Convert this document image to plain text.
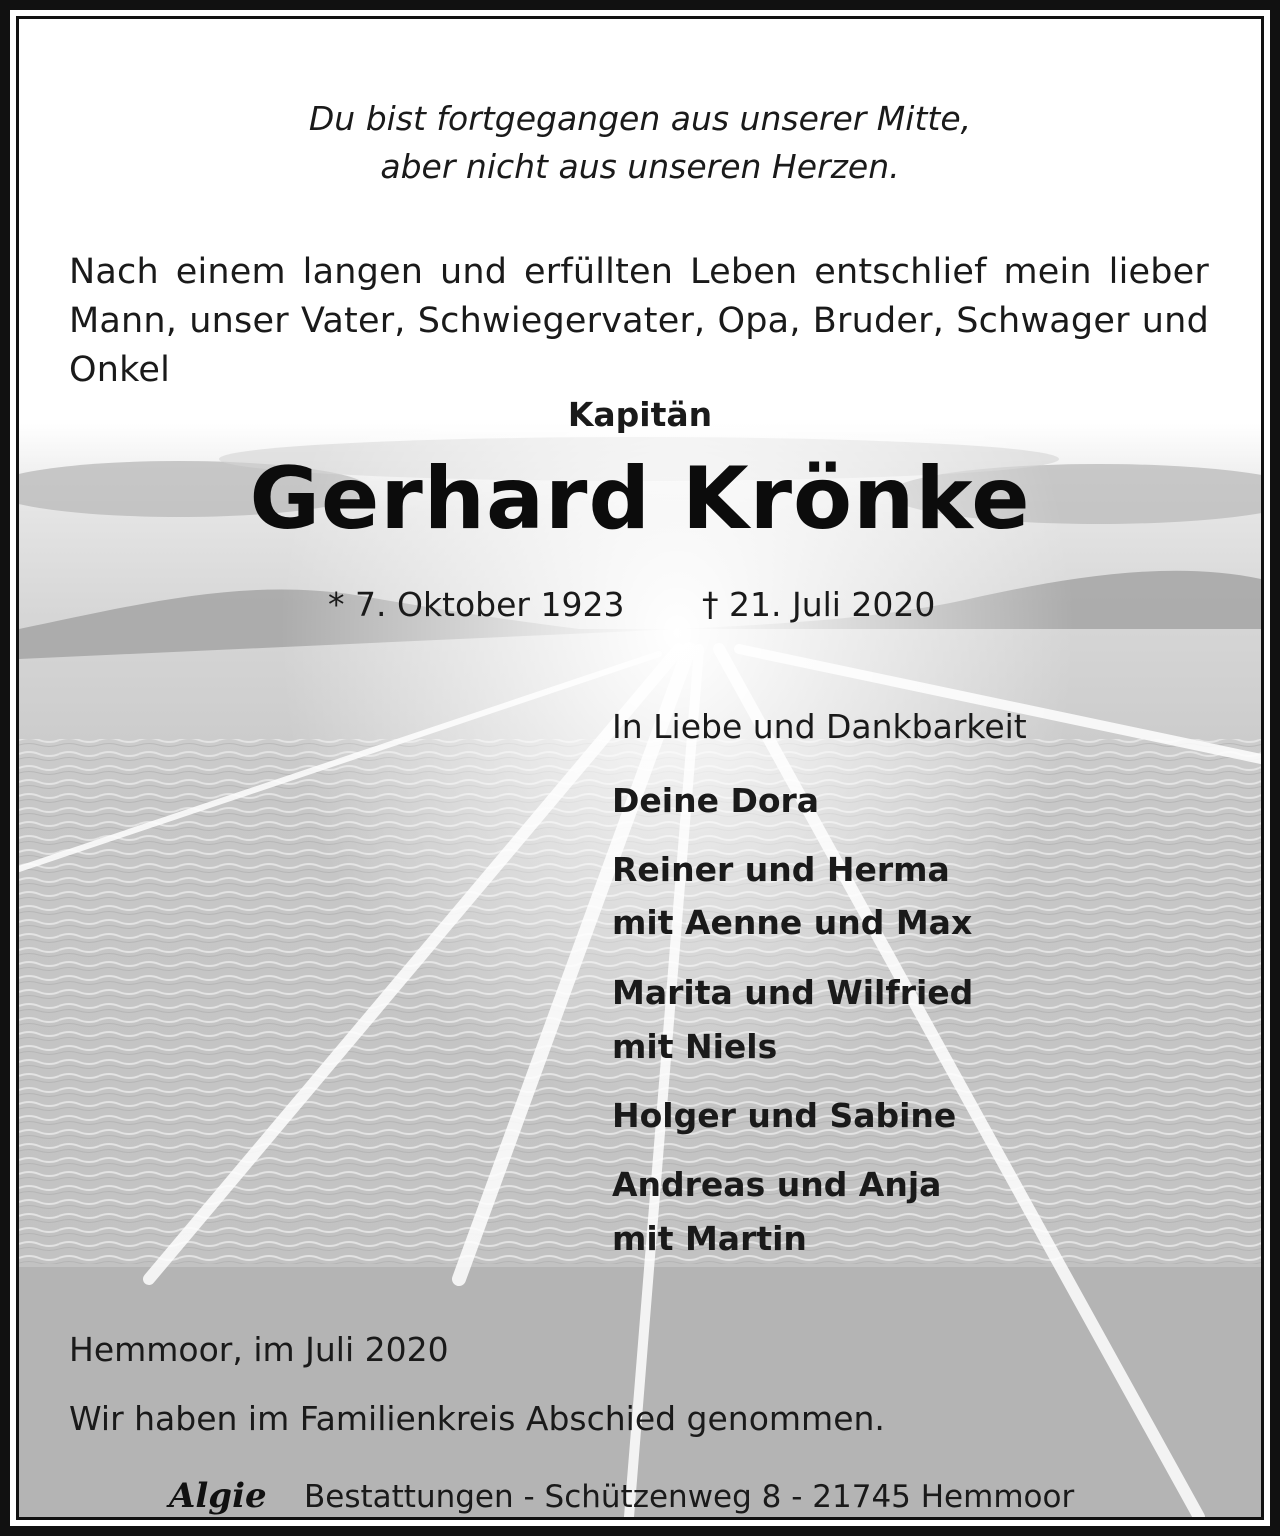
Du bist fortgegangen aus unserer Mitte,

aber nicht aus unseren Herzen.

Nach einem langen und erfüllten Leben entschlief mein lieber Mann, unser Vater, Schwiegervater, Opa, Bruder, Schwager und Onkel

Kapitän

Gerhard Krönke

* 7. Oktober 1923 † 21. Juli 2020

In Liebe und Dankbarkeit

Deine Dora

Reiner und Herma

mit Aenne und Max

Marita und Wilfried

mit Niels

Holger und Sabine

Andreas und Anja

mit Martin

Hemmoor, im Juli 2020

Wir haben im Familienkreis Abschied genommen.

Algie Bestattungen - Schützenweg 8 - 21745 Hemmoor
